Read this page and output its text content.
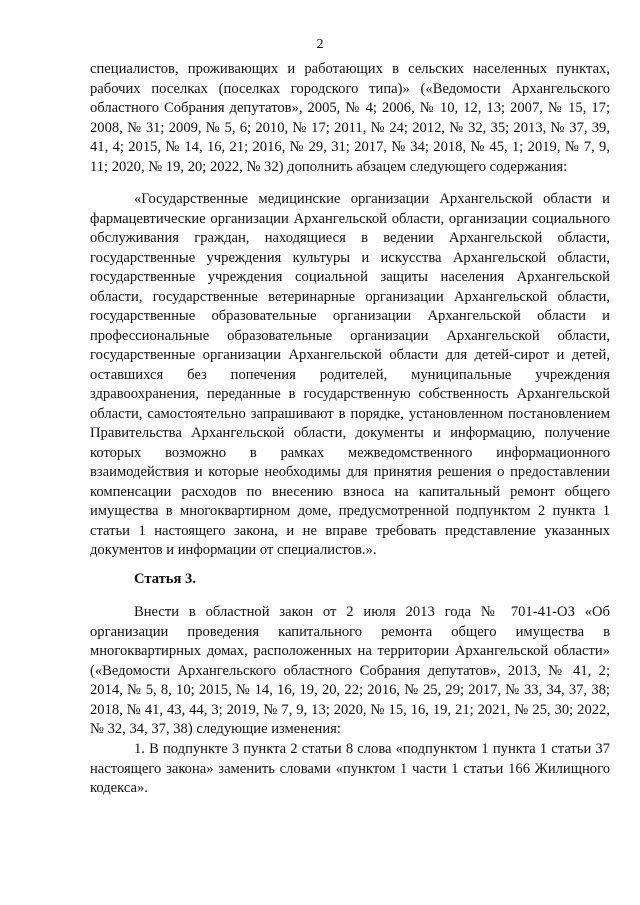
2

специалистов, проживающих и работающих в сельских населенных пунктах, рабочих поселках (поселках городского типа)» («Ведомости Архангельского областного Собрания депутатов», 2005, № 4; 2006, № 10, 12, 13; 2007, № 15, 17; 2008, № 31; 2009, № 5, 6; 2010, № 17; 2011, № 24; 2012, № 32, 35; 2013, № 37, 39, 41, 4; 2015, № 14, 16, 21; 2016, № 29, 31; 2017, № 34; 2018, № 45, 1; 2019, № 7, 9, 11; 2020, № 19, 20; 2022, № 32) дополнить абзацем следующего содержания:

«Государственные медицинские организации Архангельской области и фармацевтические организации Архангельской области, организации социального обслуживания граждан, находящиеся в ведении Архангельской области, государственные учреждения культуры и искусства Архангельской области, государственные учреждения социальной защиты населения Архангельской области, государственные ветеринарные организации Архангельской области, государственные образовательные организации Архангельской области и профессиональные образовательные организации Архангельской области, государственные организации Архангельской области для детей-сирот и детей, оставшихся без попечения родителей, муниципальные учреждения здравоохранения, переданные в государственную собственность Архангельской области, самостоятельно запрашивают в порядке, установленном постановлением Правительства Архангельской области, документы и информацию, получение которых возможно в рамках межведомственного информационного взаимодействия и которые необходимы для принятия решения о предоставлении компенсации расходов по внесению взноса на капитальный ремонт общего имущества в многоквартирном доме, предусмотренной подпунктом 2 пункта 1 статьи 1 настоящего закона, и не вправе требовать представление указанных документов и информации от специалистов.».

Статья 3.

Внести в областной закон от 2 июля 2013 года № 701-41-ОЗ «Об организации проведения капитального ремонта общего имущества в многоквартирных домах, расположенных на территории Архангельской области» («Ведомости Архангельского областного Собрания депутатов», 2013, № 41, 2; 2014, № 5, 8, 10; 2015, № 14, 16, 19, 20, 22; 2016, № 25, 29; 2017, № 33, 34, 37, 38; 2018, № 41, 43, 44, 3; 2019, № 7, 9, 13; 2020, № 15, 16, 19, 21; 2021, № 25, 30; 2022, № 32, 34, 37, 38) следующие изменения:

1. В подпункте 3 пункта 2 статьи 8 слова «подпунктом 1 пункта 1 статьи 37 настоящего закона» заменить словами «пунктом 1 части 1 статьи 166 Жилищного кодекса».
